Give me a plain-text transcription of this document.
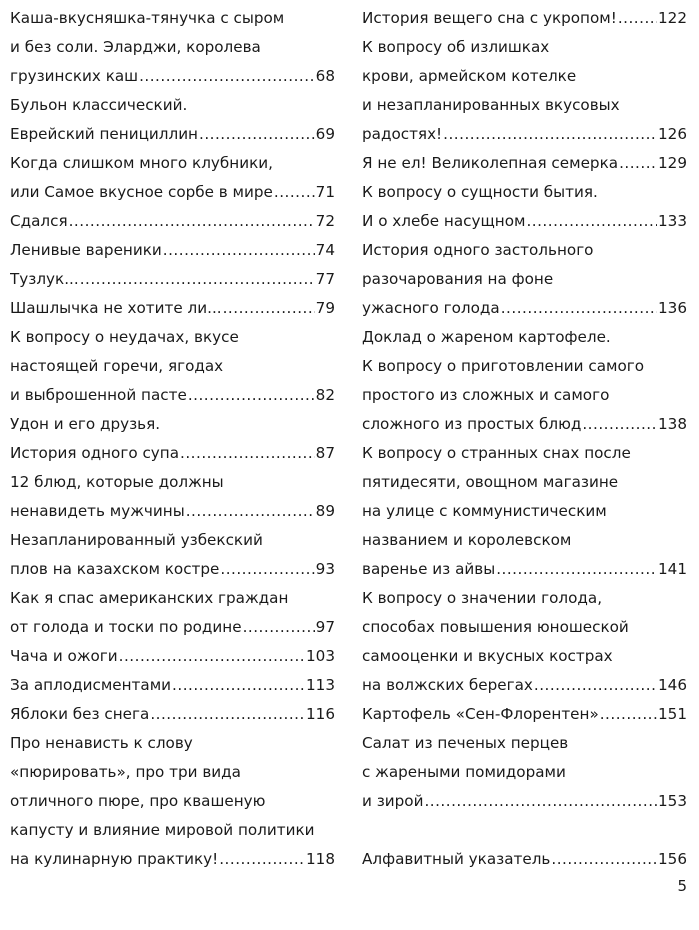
Каша-вкусняшка-тянучка с сыром
и без соли. Эларджи, королева
грузинских каш .....	68
Бульон классический.
Еврейский пенициллин .....	69
Когда слишком много клубники,
или Самое вкусное сорбе в мире .....	71
Сдался .....	72
Ленивые вареники .....	74
Тузлук... .....	77
Шашлычка не хотите ли... .....	79
К вопросу о неудачах, вкусе
настоящей горечи, ягодах
и выброшенной пасте .....	82
Удон и его друзья.
История одного супа .....	87
12 блюд, которые должны
ненавидеть мужчины .....	89
Незапланированный узбекский
плов на казахском костре .....	93
Как я спас американских граждан
от голода и тоски по родине .....	97
Чача и ожоги .....	103
За аплодисментами .....	113
Яблоки без снега .....	116
Про ненависть к слову
«пюрировать», про три вида
отличного пюре, про квашеную
капусту и влияние мировой политики
на кулинарную практику! .....	118
История вещего сна с укропом! .....	122
К вопросу об излишках
крови, армейском котелке
и незапланированных вкусовых
радостях! .....	126
Я не ел! Великолепная семерка .....	129
К вопросу о сущности бытия.
И о хлебе насущном .....	133
История одного застольного
разочарования на фоне
ужасного голода .....	136
Доклад о жареном картофеле.
К вопросу о приготовлении самого
простого из сложных и самого
сложного из простых блюд .....	138
К вопросу о странных снах после
пятидесяти, овощном магазине
на улице с коммунистическим
названием и королевском
варенье из айвы .....	141
К вопросу о значении голода,
способах повышения юношеской
самооценки и вкусных кострах
на волжских берегах .....	146
Картофель «Сен-Флорентен» .....	151
Салат из печеных перцев
с жареными помидорами
и зирой .....	153
Алфавитный указатель .....	156
5
